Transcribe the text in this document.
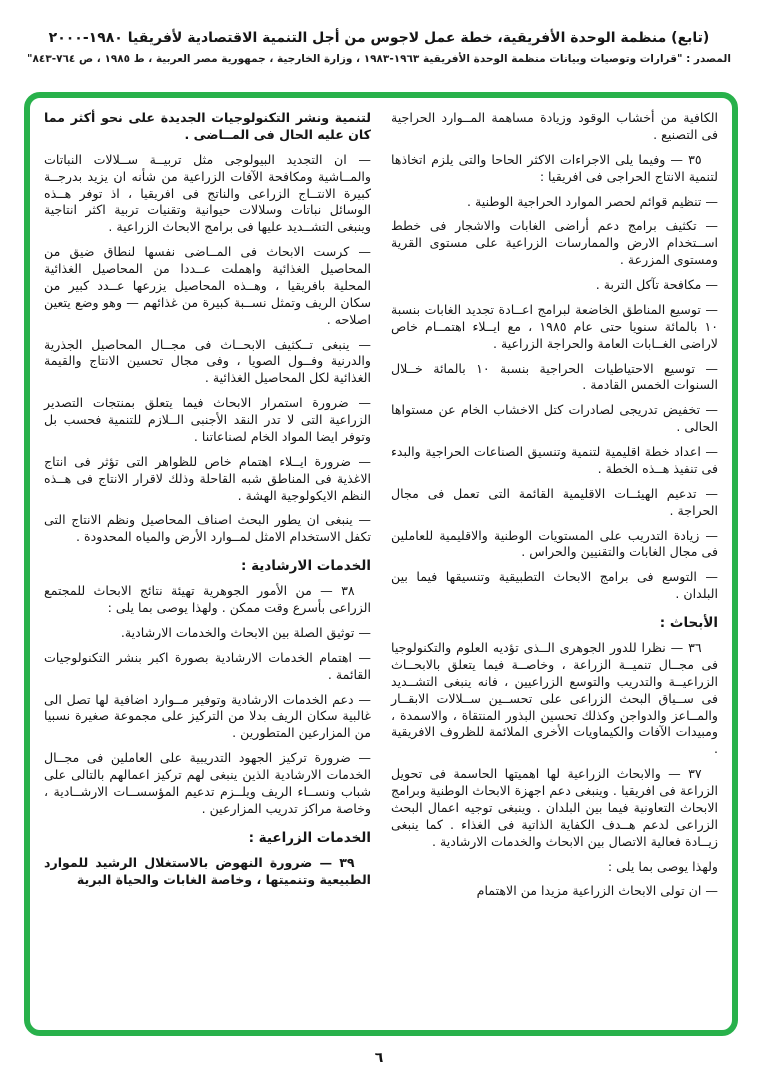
(تابع) منظمة الوحدة الأفريقية، خطة عمل لاجوس من أجل التنمية الاقتصادية لأفريقيا ١٩٨٠-٢٠٠٠
المصدر : "قرارات وتوصيات وبيانات منظمة الوحدة الأفريقية ١٩٦٣-١٩٨٣ ، وزارة الخارجية ، جمهورية مصر العربية ، ط ١٩٨٥ ، ص ٧٦٤-٨٤٣"
الكافية من أخشاب الوقود وزيادة مساهمة المــوارد الحراجية فى التصنيع .
٣٥ — وفيما يلى الاجراءات الاكثر الحاحا والتى يلزم اتخاذها لتنمية الانتاج الحراجى فى افريقيا :
— تنظيم قوائم لحصر الموارد الحراجية الوطنية .
— تكثيف برامج دعم أراضى الغابات والاشجار فى خطط اســتخدام الارض والممارسات الزراعية على مستوى القرية ومستوى المزرعة .
— مكافحة تآكل التربة .
— توسيع المناطق الخاضعة لبرامج اعــادة تجديد الغابات بنسبة ١٠ بالمائة سنويا حتى عام ١٩٨٥ ، مع ايــلاء اهتمــام خاص لاراضى الغــابات العامة والحراجة الزراعية .
— توسيع الاحتياطيات الحراجية بنسبة ١٠ بالمائة خــلال السنوات الخمس القادمة .
— تخفيض تدريجى لصادرات كتل الاخشاب الخام عن مستواها الحالى .
— اعداد خطة اقليمية لتنمية وتنسيق الصناعات الحراجية والبدء فى تنفيذ هــذه الخطة .
— تدعيم الهيئــات الاقليمية القائمة التى تعمل فى مجال الحراجة .
— زيادة التدريب على المستويات الوطنية والاقليمية للعاملين فى مجال الغابات والتقنيين والحراس .
— التوسع فى برامج الابحاث التطبيقية وتنسيقها فيما بين البلدان .
الأبحاث :
٣٦ — نظرا للدور الجوهرى الــذى تؤديه العلوم والتكنولوجيا فى مجــال تنميــة الزراعة ، وخاصــة فيما يتعلق بالابحــاث الزراعيــة والتدريب والتوسع الزراعيين ، فانه ينبغى التشــديد فى ســياق البحث الزراعى على تحســين ســلالات الابقــار والمــاعز والدواجن وكذلك تحسين البذور المنتقاة ، والاسمدة ، ومبيدات الآفات والكيماويات الأخرى الملائمة للظروف الافريقية .
٣٧ — والابحاث الزراعية لها اهميتها الحاسمة فى تحويل الزراعة فى افريقيا . وينبغى دعم اجهزة الابحاث الوطنية وبرامج الابحاث التعاونية فيما بين البلدان . وينبغى توجيه اعمال البحث الزراعى لدعم هــدف الكفاية الذاتية فى الغذاء . كما ينبغى زيــادة فعالية الاتصال بين الابحاث والخدمات الارشادية .
ولهذا يوصى بما يلى :
— ان تولى الابحاث الزراعية مزيدا من الاهتمام
لتنمية ونشر التكنولوجيات الجديدة على نحو أكثر مما كان عليه الحال فى المــاضى .
— ان التجديد البيولوجى مثل تربيــة ســلالات النباتات والمــاشية ومكافحة الآفات الزراعية من شأنه ان يزيد بدرجــة كبيرة الانتــاج الزراعى والناتج فى افريقيا ، اذ توفر هــذه الوسائل نباتات وسلالات حيوانية وتقنيات تربية اكثر انتاجية وينبغى التشــديد عليها فى برامج الابحاث الزراعية .
— كرست الابحاث فى المــاضى نفسها لنطاق ضيق من المحاصيل الغذائية واهملت عــددا من المحاصيل الغذائية المحلية بافريقيا ، وهــذه المحاصيل يزرعها عــدد كبير من سكان الريف وتمثل نســبة كبيرة من غذائهم — وهو وضع يتعين اصلاحه .
— ينبغى تــكثيف الابحــاث فى مجــال المحاصيل الجذرية والدرنية وفــول الصويا ، وفى مجال تحسين الانتاج والقيمة الغذائية لكل المحاصيل الغذائية .
— ضرورة استمرار الابحاث فيما يتعلق بمنتجات التصدير الزراعية التى لا تدر النقد الأجنبى الــلازم للتنمية فحسب بل وتوفر ايضا المواد الخام لصناعاتنا .
— ضرورة ايــلاء اهتمام خاص للظواهر التى تؤثر فى انتاج الاغذية فى المناطق شبه القاحلة وذلك لاقرار الانتاج فى هــذه النظم الايكولوجية الهشة .
— ينبغى ان يطور البحث اصناف المحاصيل ونظم الانتاج التى تكفل الاستخدام الامثل لمــوارد الأرض والمياه المحدودة .
الخدمات الارشادية :
٣٨ — من الأمور الجوهرية تهيئة نتائج الابحاث للمجتمع الزراعى بأسرع وقت ممكن . ولهذا يوصى بما يلى :
— توثيق الصلة بين الابحاث والخدمات الارشادية.
— اهتمام الخدمات الارشادية بصورة اكبر بنشر التكنولوجيات القائمة .
— دعم الخدمات الارشادية وتوفير مــوارد اضافية لها تصل الى غالبية سكان الريف بدلا من التركيز على مجموعة صغيرة نسبيا من المزارعين المتطورين .
— ضرورة تركيز الجهود التدريبية على العاملين فى مجــال الخدمات الارشادية الذين ينبغى لهم تركيز اعمالهم بالتالى على شباب ونســاء الريف ويلــزم تدعيم المؤسســات الارشــادية ، وخاصة مراكز تدريب المزارعين .
الخدمات الزراعية :
٣٩ — ضرورة النهوض بالاستغلال الرشيد للموارد الطبيعية وتنميتها ، وخاصة الغابات والحياة البرية
٦
